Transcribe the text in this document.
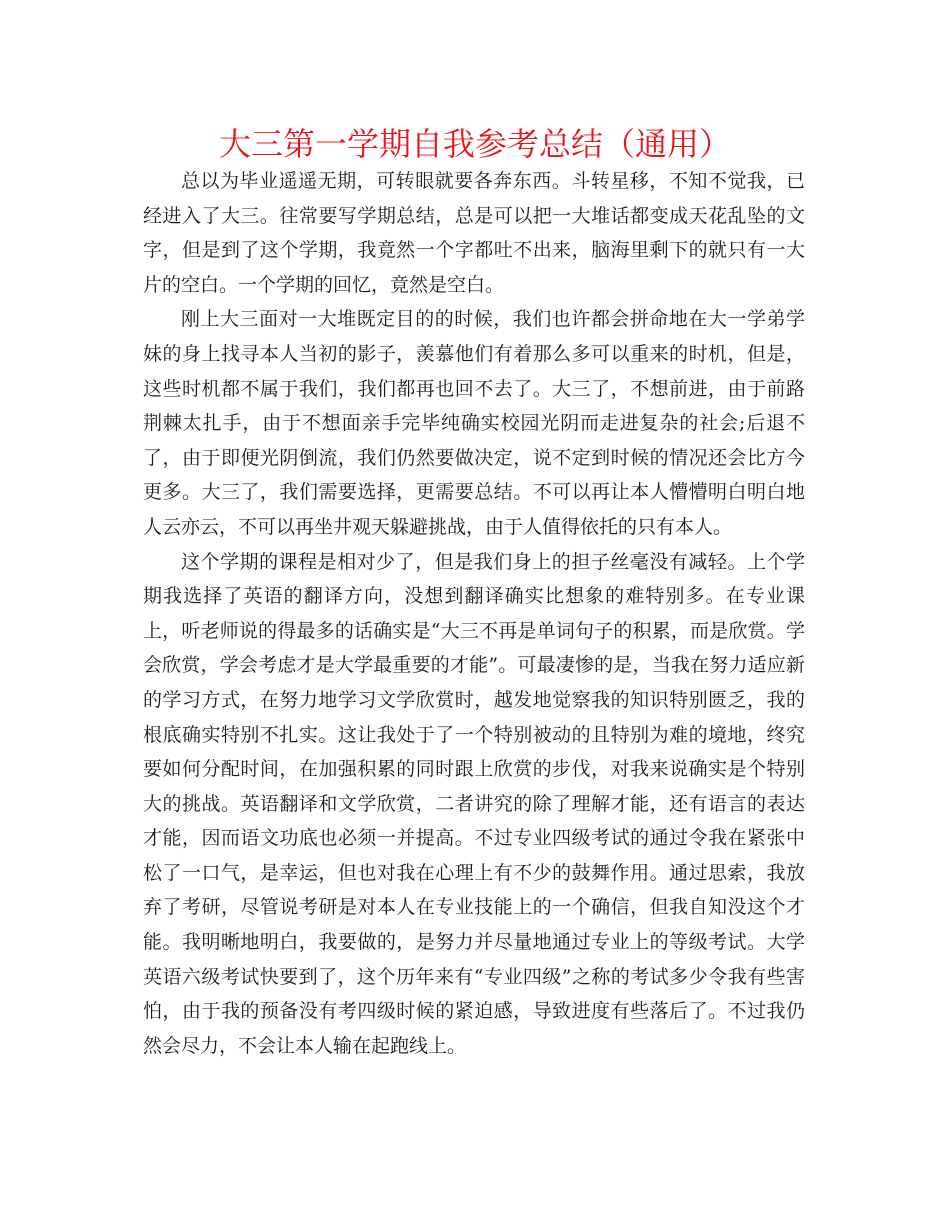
大三第一学期自我参考总结（通用）

总以为毕业遥遥无期，可转眼就要各奔东西。斗转星移，不知不觉我，已经进入了大三。往常要写学期总结，总是可以把一大堆话都变成天花乱坠的文字，但是到了这个学期，我竟然一个字都吐不出来，脑海里剩下的就只有一大片的空白。一个学期的回忆，竟然是空白。

刚上大三面对一大堆既定目的的时候，我们也许都会拼命地在大一学弟学妹的身上找寻本人当初的影子，羡慕他们有着那么多可以重来的时机，但是，这些时机都不属于我们，我们都再也回不去了。大三了，不想前进，由于前路荆棘太扎手，由于不想面亲手完毕纯确实校园光阴而走进复杂的社会;后退不了，由于即便光阴倒流，我们仍然要做决定，说不定到时候的情况还会比方今更多。大三了，我们需要选择，更需要总结。不可以再让本人懵懵明白明白地人云亦云，不可以再坐井观天躲避挑战，由于人值得依托的只有本人。

这个学期的课程是相对少了，但是我们身上的担子丝毫没有减轻。上个学期我选择了英语的翻译方向，没想到翻译确实比想象的难特别多。在专业课上，听老师说的得最多的话确实是“大三不再是单词句子的积累，而是欣赏。学会欣赏，学会考虑才是大学最重要的才能”。可最凄惨的是，当我在努力适应新的学习方式，在努力地学习文学欣赏时，越发地觉察我的知识特别匮乏，我的根底确实特别不扎实。这让我处于了一个特别被动的且特别为难的境地，终究要如何分配时间，在加强积累的同时跟上欣赏的步伐，对我来说确实是个特别大的挑战。英语翻译和文学欣赏，二者讲究的除了理解才能，还有语言的表达才能，因而语文功底也必须一并提高。不过专业四级考试的通过令我在紧张中松了一口气，是幸运，但也对我在心理上有不少的鼓舞作用。通过思索，我放弃了考研，尽管说考研是对本人在专业技能上的一个确信，但我自知没这个才能。我明晰地明白，我要做的，是努力并尽量地通过专业上的等级考试。大学英语六级考试快要到了，这个历年来有“专业四级”之称的考试多少令我有些害怕，由于我的预备没有考四级时候的紧迫感，导致进度有些落后了。不过我仍然会尽力，不会让本人输在起跑线上。
